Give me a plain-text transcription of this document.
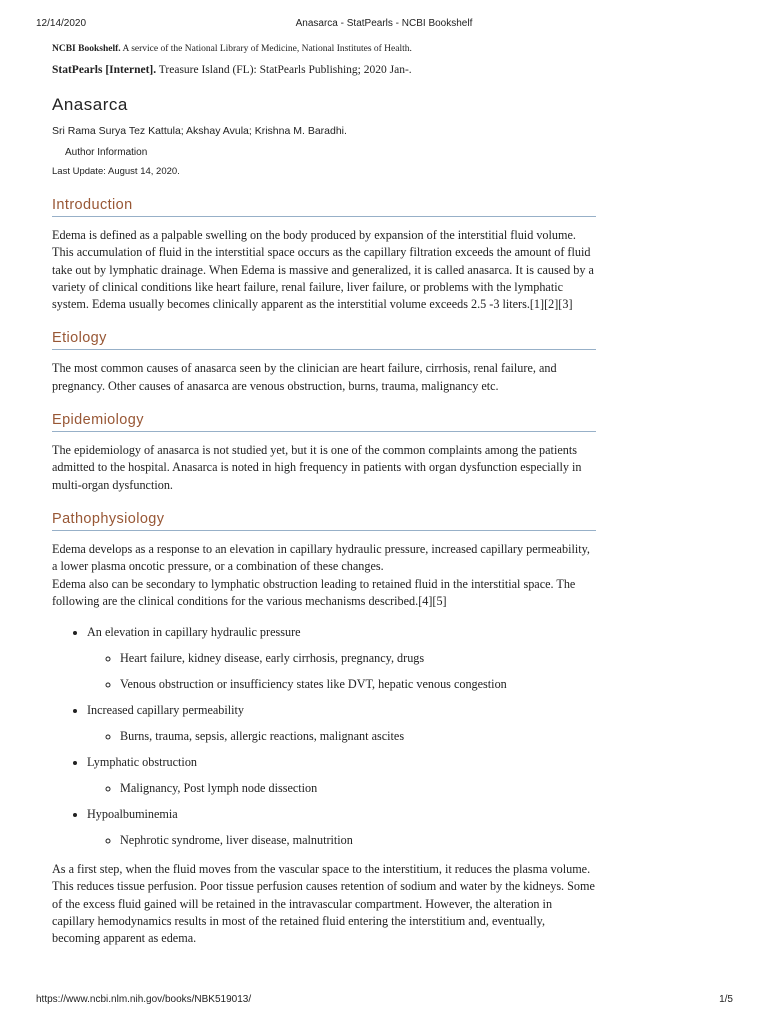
12/14/2020	Anasarca - StatPearls - NCBI Bookshelf
NCBI Bookshelf. A service of the National Library of Medicine, National Institutes of Health.
StatPearls [Internet]. Treasure Island (FL): StatPearls Publishing; 2020 Jan-.
Anasarca
Sri Rama Surya Tez Kattula; Akshay Avula; Krishna M. Baradhi.
Author Information
Last Update: August 14, 2020.
Introduction

Edema is defined as a palpable swelling on the body produced by expansion of the interstitial fluid volume. This accumulation of fluid in the interstitial space occurs as the capillary filtration exceeds the amount of fluid take out by lymphatic drainage. When Edema is massive and generalized, it is called anasarca. It is caused by a variety of clinical conditions like heart failure, renal failure, liver failure, or problems with the lymphatic system. Edema usually becomes clinically apparent as the interstitial volume exceeds 2.5 -3 liters.[1][2][3]

Etiology

The most common causes of anasarca seen by the clinician are heart failure, cirrhosis, renal failure, and pregnancy. Other causes of anasarca are venous obstruction, burns, trauma, malignancy etc.

Epidemiology

The epidemiology of anasarca is not studied yet, but it is one of the common complaints among the patients admitted to the hospital. Anasarca is noted in high frequency in patients with organ dysfunction especially in multi-organ dysfunction.

Pathophysiology

Edema develops as a response to an elevation in capillary hydraulic pressure, increased capillary permeability, a lower plasma oncotic pressure, or a combination of these changes.
Edema also can be secondary to lymphatic obstruction leading to retained fluid in the interstitial space. The following are the clinical conditions for the various mechanisms described.[4][5]

• An elevation in capillary hydraulic pressure
◦ Heart failure, kidney disease, early cirrhosis, pregnancy, drugs
◦ Venous obstruction or insufficiency states like DVT, hepatic venous congestion
• Increased capillary permeability
◦ Burns, trauma, sepsis, allergic reactions, malignant ascites
• Lymphatic obstruction
◦ Malignancy, Post lymph node dissection
• Hypoalbuminemia
◦ Nephrotic syndrome, liver disease, malnutrition

As a first step, when the fluid moves from the vascular space to the interstitium, it reduces the plasma volume. This reduces tissue perfusion. Poor tissue perfusion causes retention of sodium and water by the kidneys. Some of the excess fluid gained will be retained in the intravascular compartment. However, the alteration in capillary hemodynamics results in most of the retained fluid entering the interstitium and, eventually, becoming apparent as edema.

https://www.ncbi.nlm.nih.gov/books/NBK519013/	1/5
